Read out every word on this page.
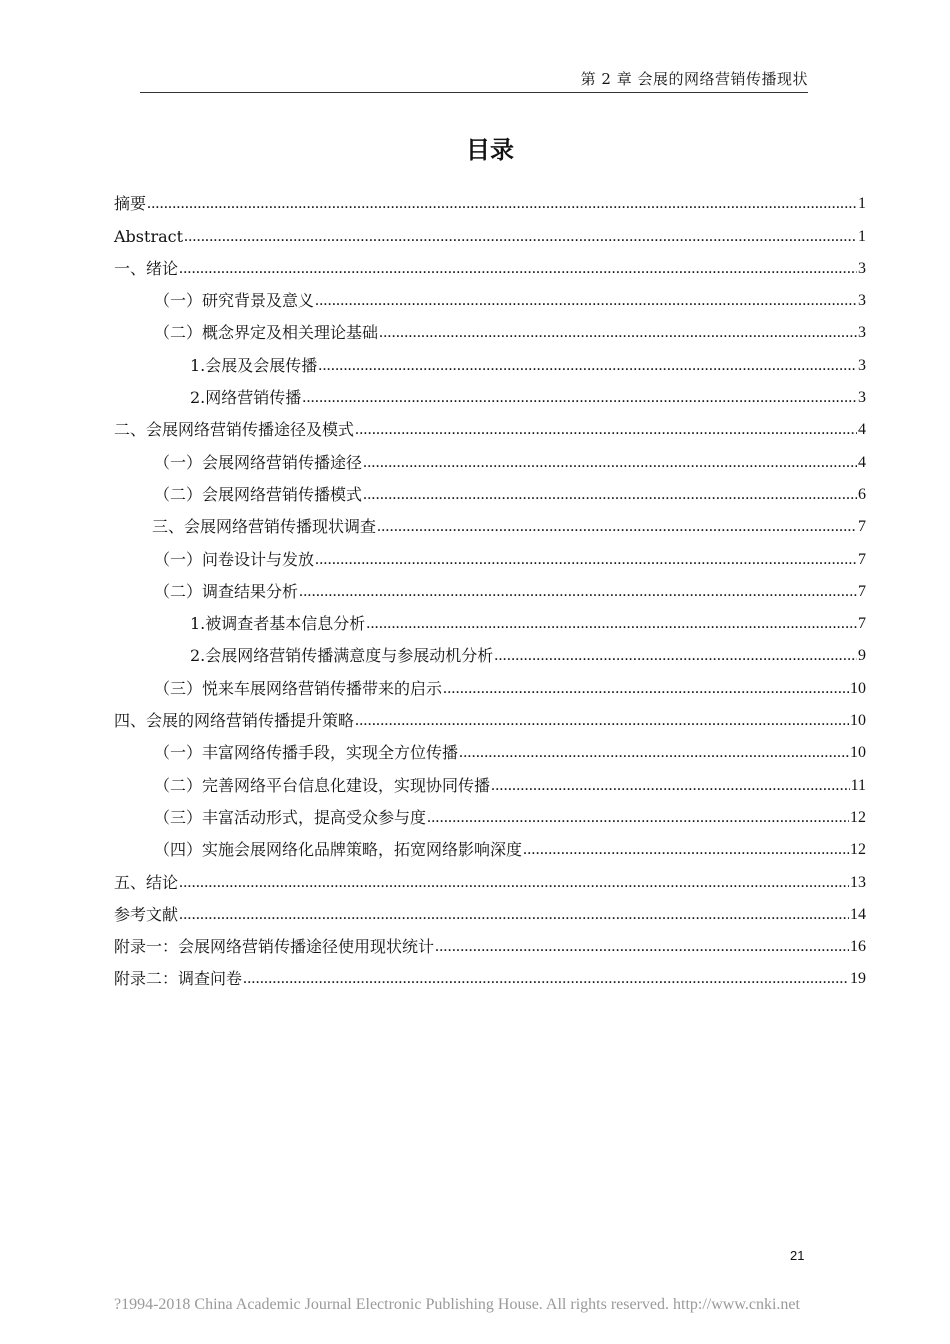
第 2 章 会展的网络营销传播现状
目录
摘要 .....	1
Abstract .....	1
一、绪论 .....	3
（一）研究背景及意义 .....	3
（二）概念界定及相关理论基础 .....	3
1.会展及会展传播 .....	3
2.网络营销传播 .....	3
二、会展网络营销传播途径及模式 .....	4
（一）会展网络营销传播途径 .....	4
（二）会展网络营销传播模式 .....	6
三、会展网络营销传播现状调查 .....	7
（一）问卷设计与发放 .....	7
（二）调查结果分析 .....	7
1.被调查者基本信息分析 .....	7
2.会展网络营销传播满意度与参展动机分析 .....	9
（三）悦来车展网络营销传播带来的启示 .....	10
四、会展的网络营销传播提升策略 .....	10
（一）丰富网络传播手段，实现全方位传播 .....	10
（二）完善网络平台信息化建设，实现协同传播 .....	11
（三）丰富活动形式，提高受众参与度 .....	12
（四）实施会展网络化品牌策略，拓宽网络影响深度 .....	12
五、结论 .....	13
参考文献 .....	14
附录一：会展网络营销传播途径使用现状统计 .....	16
附录二：调查问卷 .....	19
21
?1994-2018 China Academic Journal Electronic Publishing House. All rights reserved. http://www.cnki.net
